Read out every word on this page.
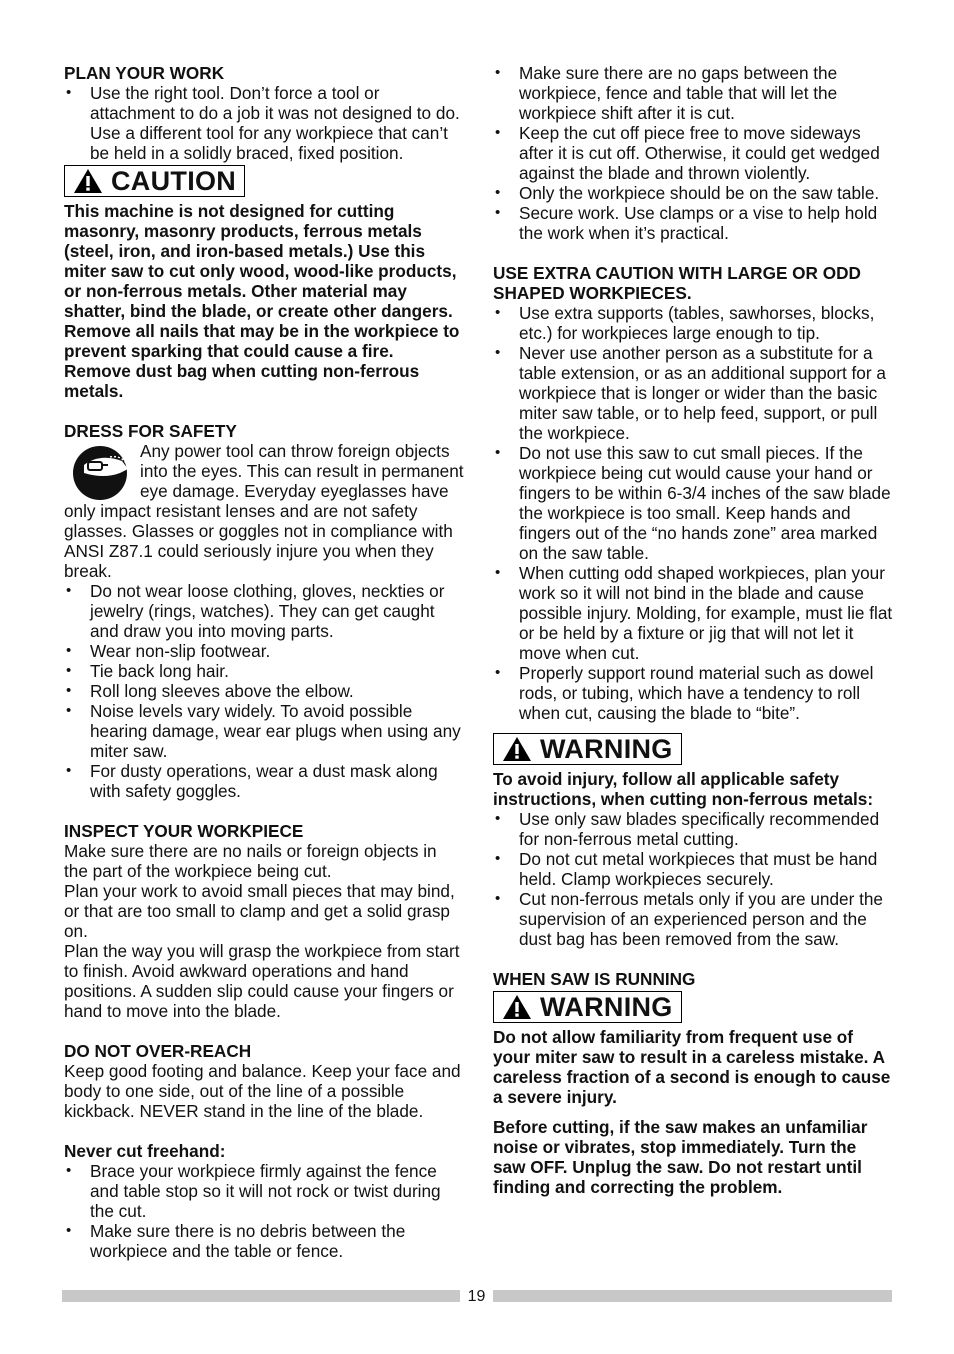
PLAN YOUR WORK

• Use the right tool. Don’t force a tool or attachment to do a job it was not designed to do. Use a different tool for any workpiece that can’t be held in a solidly braced, fixed position.
CAUTION

This machine is not designed for cutting masonry, masonry products, ferrous metals (steel, iron, and iron-based metals.) Use this miter saw to cut only wood, wood-like products, or non-ferrous metals. Other material may shatter, bind the blade, or create other dangers. Remove all nails that may be in the workpiece to prevent sparking that could cause a fire. Remove dust bag when cutting non-ferrous metals.

DRESS FOR SAFETY

Any power tool can throw foreign objects into the eyes. This can result in permanent eye damage. Everyday eyeglasses have only impact resistant lenses and are not safety glasses. Glasses or goggles not in compliance with ANSI Z87.1 could seriously injure you when they break.

• Do not wear loose clothing, gloves, neckties or jewelry (rings, watches). They can get caught and draw you into moving parts.
• Wear non-slip footwear.
• Tie back long hair.
• Roll long sleeves above the elbow.
• Noise levels vary widely. To avoid possible hearing damage, wear ear plugs when using any miter saw.
• For dusty operations, wear a dust mask along with safety goggles.

INSPECT YOUR WORKPIECE

Make sure there are no nails or foreign objects in the part of the workpiece being cut.

Plan your work to avoid small pieces that may bind, or that are too small to clamp and get a solid grasp on.

Plan the way you will grasp the workpiece from start to finish. Avoid awkward operations and hand positions. A sudden slip could cause your fingers or hand to move into the blade.

DO NOT OVER-REACH

Keep good footing and balance. Keep your face and body to one side, out of the line of a possible kickback. NEVER stand in the line of the blade.

Never cut freehand:

• Brace your workpiece firmly against the fence and table stop so it will not rock or twist during the cut.
• Make sure there is no debris between the workpiece and the table or fence.
• Make sure there are no gaps between the workpiece, fence and table that will let the workpiece shift after it is cut.
• Keep the cut off piece free to move sideways after it is cut off. Otherwise, it could get wedged against the blade and thrown violently.
• Only the workpiece should be on the saw table.
• Secure work. Use clamps or a vise to help hold the work when it’s practical.

USE EXTRA CAUTION WITH LARGE OR ODD SHAPED WORKPIECES.

• Use extra supports (tables, sawhorses, blocks, etc.) for workpieces large enough to tip.
• Never use another person as a substitute for a table extension, or as an additional support for a workpiece that is longer or wider than the basic miter saw table, or to help feed, support, or pull the workpiece.
• Do not use this saw to cut small pieces. If the workpiece being cut would cause your hand or fingers to be within 6-3/4 inches of the saw blade the workpiece is too small. Keep hands and fingers out of the “no hands zone” area marked on the saw table.
• When cutting odd shaped workpieces, plan your work so it will not bind in the blade and cause possible injury. Molding, for example, must lie flat or be held by a fixture or jig that will not let it move when cut.
• Properly support round material such as dowel rods, or tubing, which have a tendency to roll when cut, causing the blade to “bite”.
WARNING

To avoid injury, follow all applicable safety instructions, when cutting non-ferrous metals:

• Use only saw blades specifically recommended for non-ferrous metal cutting.
• Do not cut metal workpieces that must be hand held. Clamp workpieces securely.
• Cut non-ferrous metals only if you are under the supervision of an experienced person and the dust bag has been removed from the saw.

WHEN SAW IS RUNNING

WARNING

Do not allow familiarity from frequent use of your miter saw to result in a careless mistake. A careless fraction of a second is enough to cause a severe injury.

Before cutting, if the saw makes an unfamiliar noise or vibrates, stop immediately. Turn the saw OFF. Unplug the saw. Do not restart until finding and correcting the problem.

19
